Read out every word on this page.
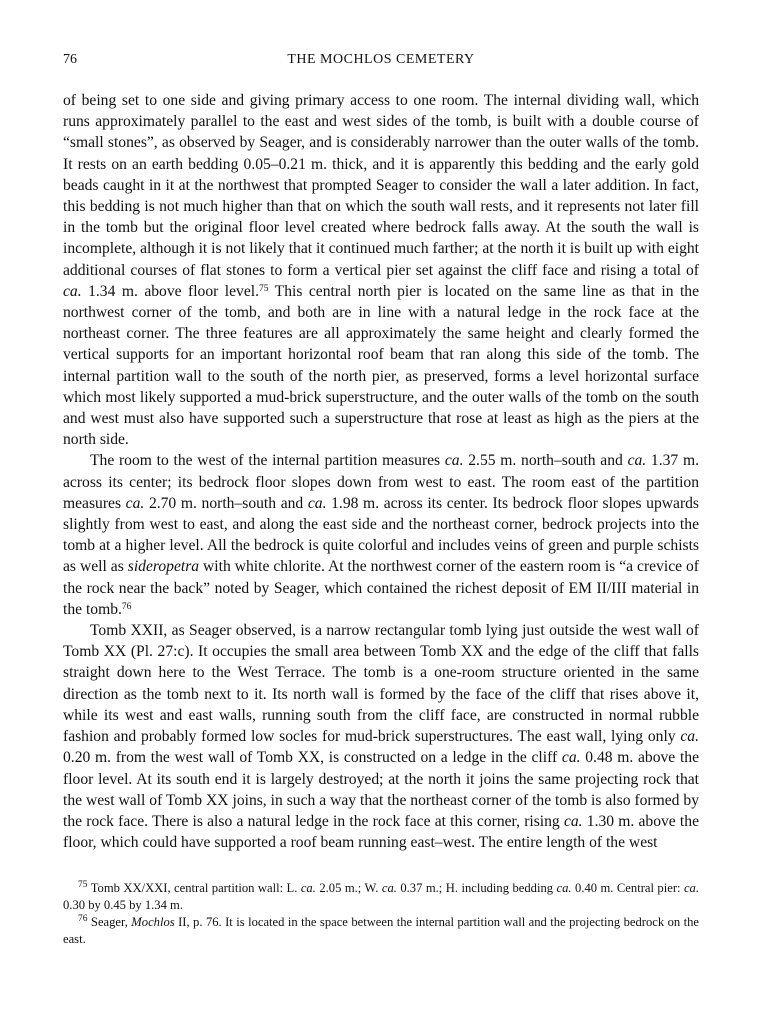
76	THE MOCHLOS CEMETERY

of being set to one side and giving primary access to one room. The internal dividing wall, which runs approximately parallel to the east and west sides of the tomb, is built with a double course of “small stones”, as observed by Seager, and is considerably narrower than the outer walls of the tomb. It rests on an earth bedding 0.05–0.21 m. thick, and it is apparently this bedding and the early gold beads caught in it at the northwest that prompted Seager to consider the wall a later addition. In fact, this bedding is not much higher than that on which the south wall rests, and it represents not later fill in the tomb but the original floor level created where bedrock falls away. At the south the wall is incomplete, although it is not likely that it continued much farther; at the north it is built up with eight additional courses of flat stones to form a vertical pier set against the cliff face and rising a total of ca. 1.34 m. above floor level.$^{75}$ This central north pier is located on the same line as that in the northwest corner of the tomb, and both are in line with a natural ledge in the rock face at the northeast corner. The three features are all approximately the same height and clearly formed the vertical supports for an important horizontal roof beam that ran along this side of the tomb. The internal partition wall to the south of the north pier, as preserved, forms a level horizontal surface which most likely supported a mud-brick superstructure, and the outer walls of the tomb on the south and west must also have supported such a superstructure that rose at least as high as the piers at the north side.

The room to the west of the internal partition measures ca. 2.55 m. north–south and ca. 1.37 m. across its center; its bedrock floor slopes down from west to east. The room east of the partition measures ca. 2.70 m. north–south and ca. 1.98 m. across its center. Its bedrock floor slopes upwards slightly from west to east, and along the east side and the northeast corner, bedrock projects into the tomb at a higher level. All the bedrock is quite colorful and includes veins of green and purple schists as well as sideropetra with white chlorite. At the northwest corner of the eastern room is “a crevice of the rock near the back” noted by Seager, which contained the richest deposit of EM II/III material in the tomb.$^{76}$

Tomb XXII, as Seager observed, is a narrow rectangular tomb lying just outside the west wall of Tomb XX (Pl. 27:c). It occupies the small area between Tomb XX and the edge of the cliff that falls straight down here to the West Terrace. The tomb is a one-room structure oriented in the same direction as the tomb next to it. Its north wall is formed by the face of the cliff that rises above it, while its west and east walls, running south from the cliff face, are constructed in normal rubble fashion and probably formed low socles for mud-brick superstructures. The east wall, lying only ca. 0.20 m. from the west wall of Tomb XX, is constructed on a ledge in the cliff ca. 0.48 m. above the floor level. At its south end it is largely destroyed; at the north it joins the same projecting rock that the west wall of Tomb XX joins, in such a way that the northeast corner of the tomb is also formed by the rock face. There is also a natural ledge in the rock face at this corner, rising ca. 1.30 m. above the floor, which could have supported a roof beam running east–west. The entire length of the west

$^{75}$ Tomb XX/XXI, central partition wall: L. ca. 2.05 m.; W. ca. 0.37 m.; H. including bedding ca. 0.40 m. Central pier: ca. 0.30 by 0.45 by 1.34 m.

$^{76}$ Seager, Mochlos II, p. 76. It is located in the space between the internal partition wall and the projecting bedrock on the east.
